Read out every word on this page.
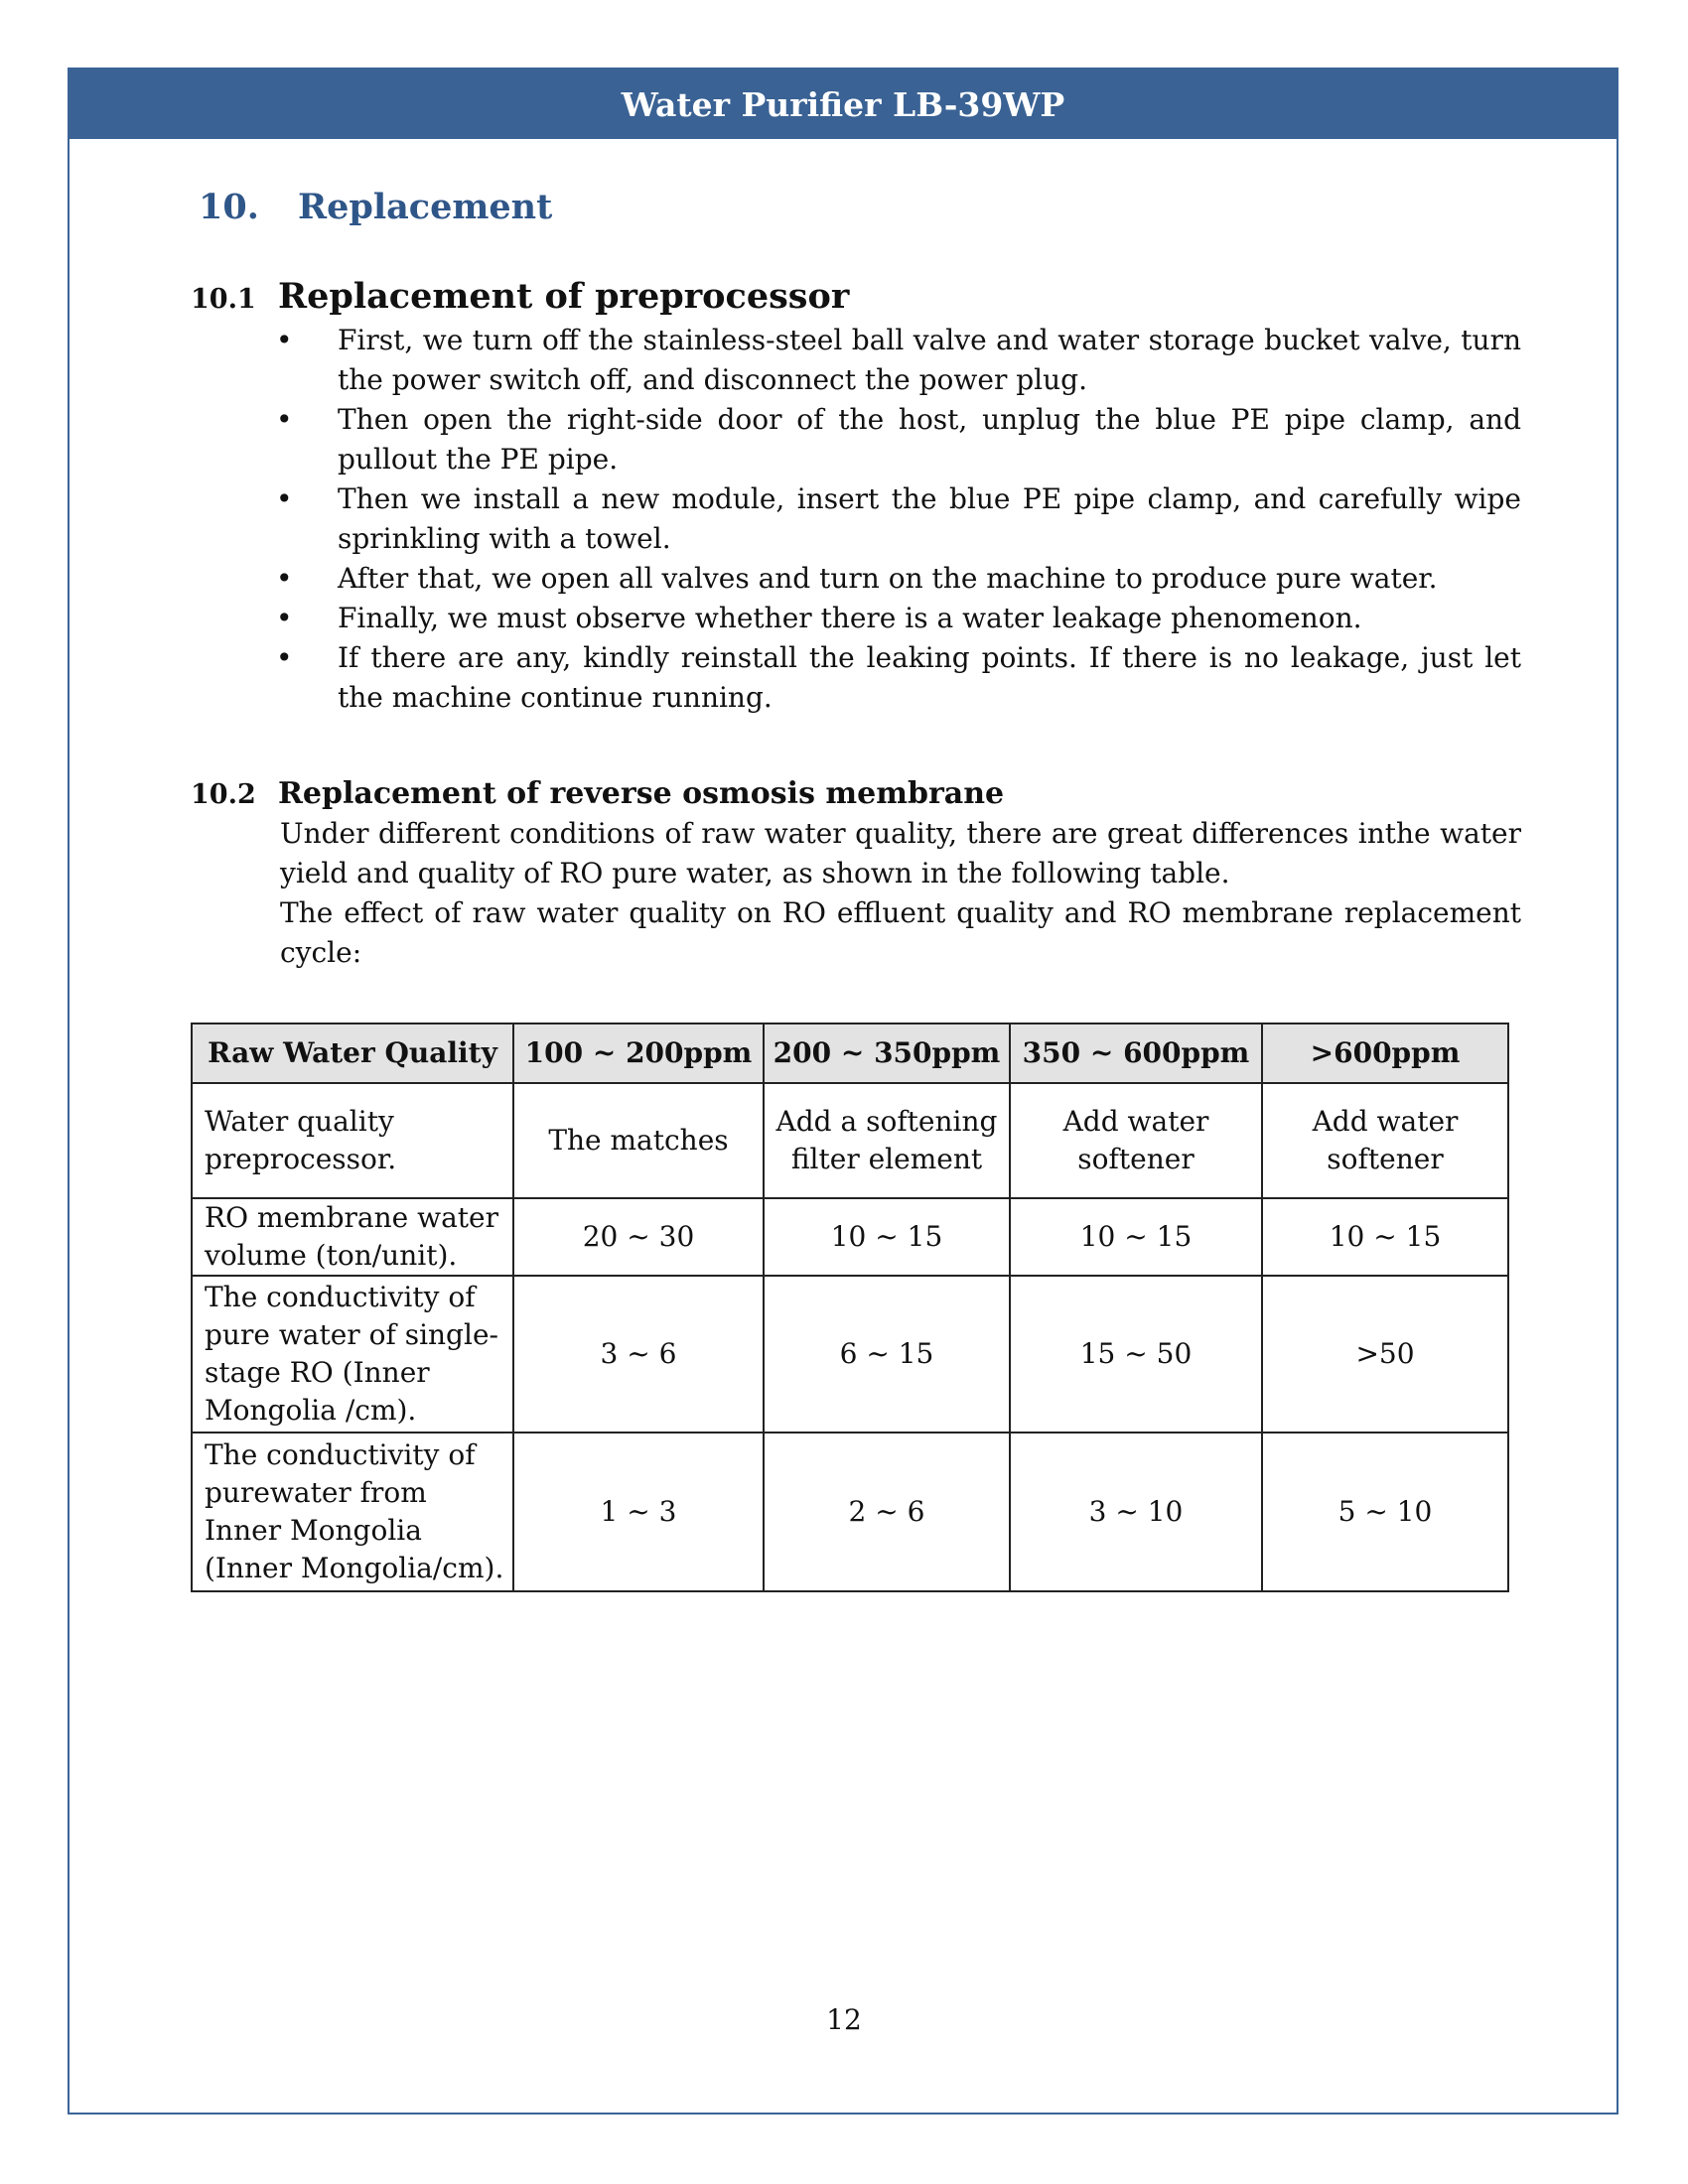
Water Purifier LB-39WP
10.	Replacement
10.1 Replacement of preprocessor
• First, we turn off the stainless-steel ball valve and water storage bucket valve, turn the power switch off, and disconnect the power plug.
• Then open the right-side door of the host, unplug the blue PE pipe clamp, and pullout the PE pipe.
• Then we install a new module, insert the blue PE pipe clamp, and carefully wipe sprinkling with a towel.
• After that, we open all valves and turn on the machine to produce pure water.
• Finally, we must observe whether there is a water leakage phenomenon.
• If there are any, kindly reinstall the leaking points. If there is no leakage, just let the machine continue running.
10.2 Replacement of reverse osmosis membrane

Under different conditions of raw water quality, there are great differences inthe water yield and quality of RO pure water, as shown in the following table.

The effect of raw water quality on RO effluent quality and RO membrane replacement cycle:

Raw Water Quality	100 ~ 200ppm	200 ~ 350ppm	350 ~ 600ppm	>600ppm
Water quality preprocessor.	The matches	Add a softening filter element	Add water softener	Add water softener
RO membrane water volume (ton/unit).	20 ~ 30	10 ~ 15	10 ~ 15	10 ~ 15
The conductivity of pure water of single-stage RO (Inner Mongolia /cm).	3 ~ 6	6 ~ 15	15 ~ 50	>50
The conductivity of purewater from Inner Mongolia (Inner Mongolia/cm).	1 ~ 3	2 ~ 6	3 ~ 10	5 ~ 10
12
